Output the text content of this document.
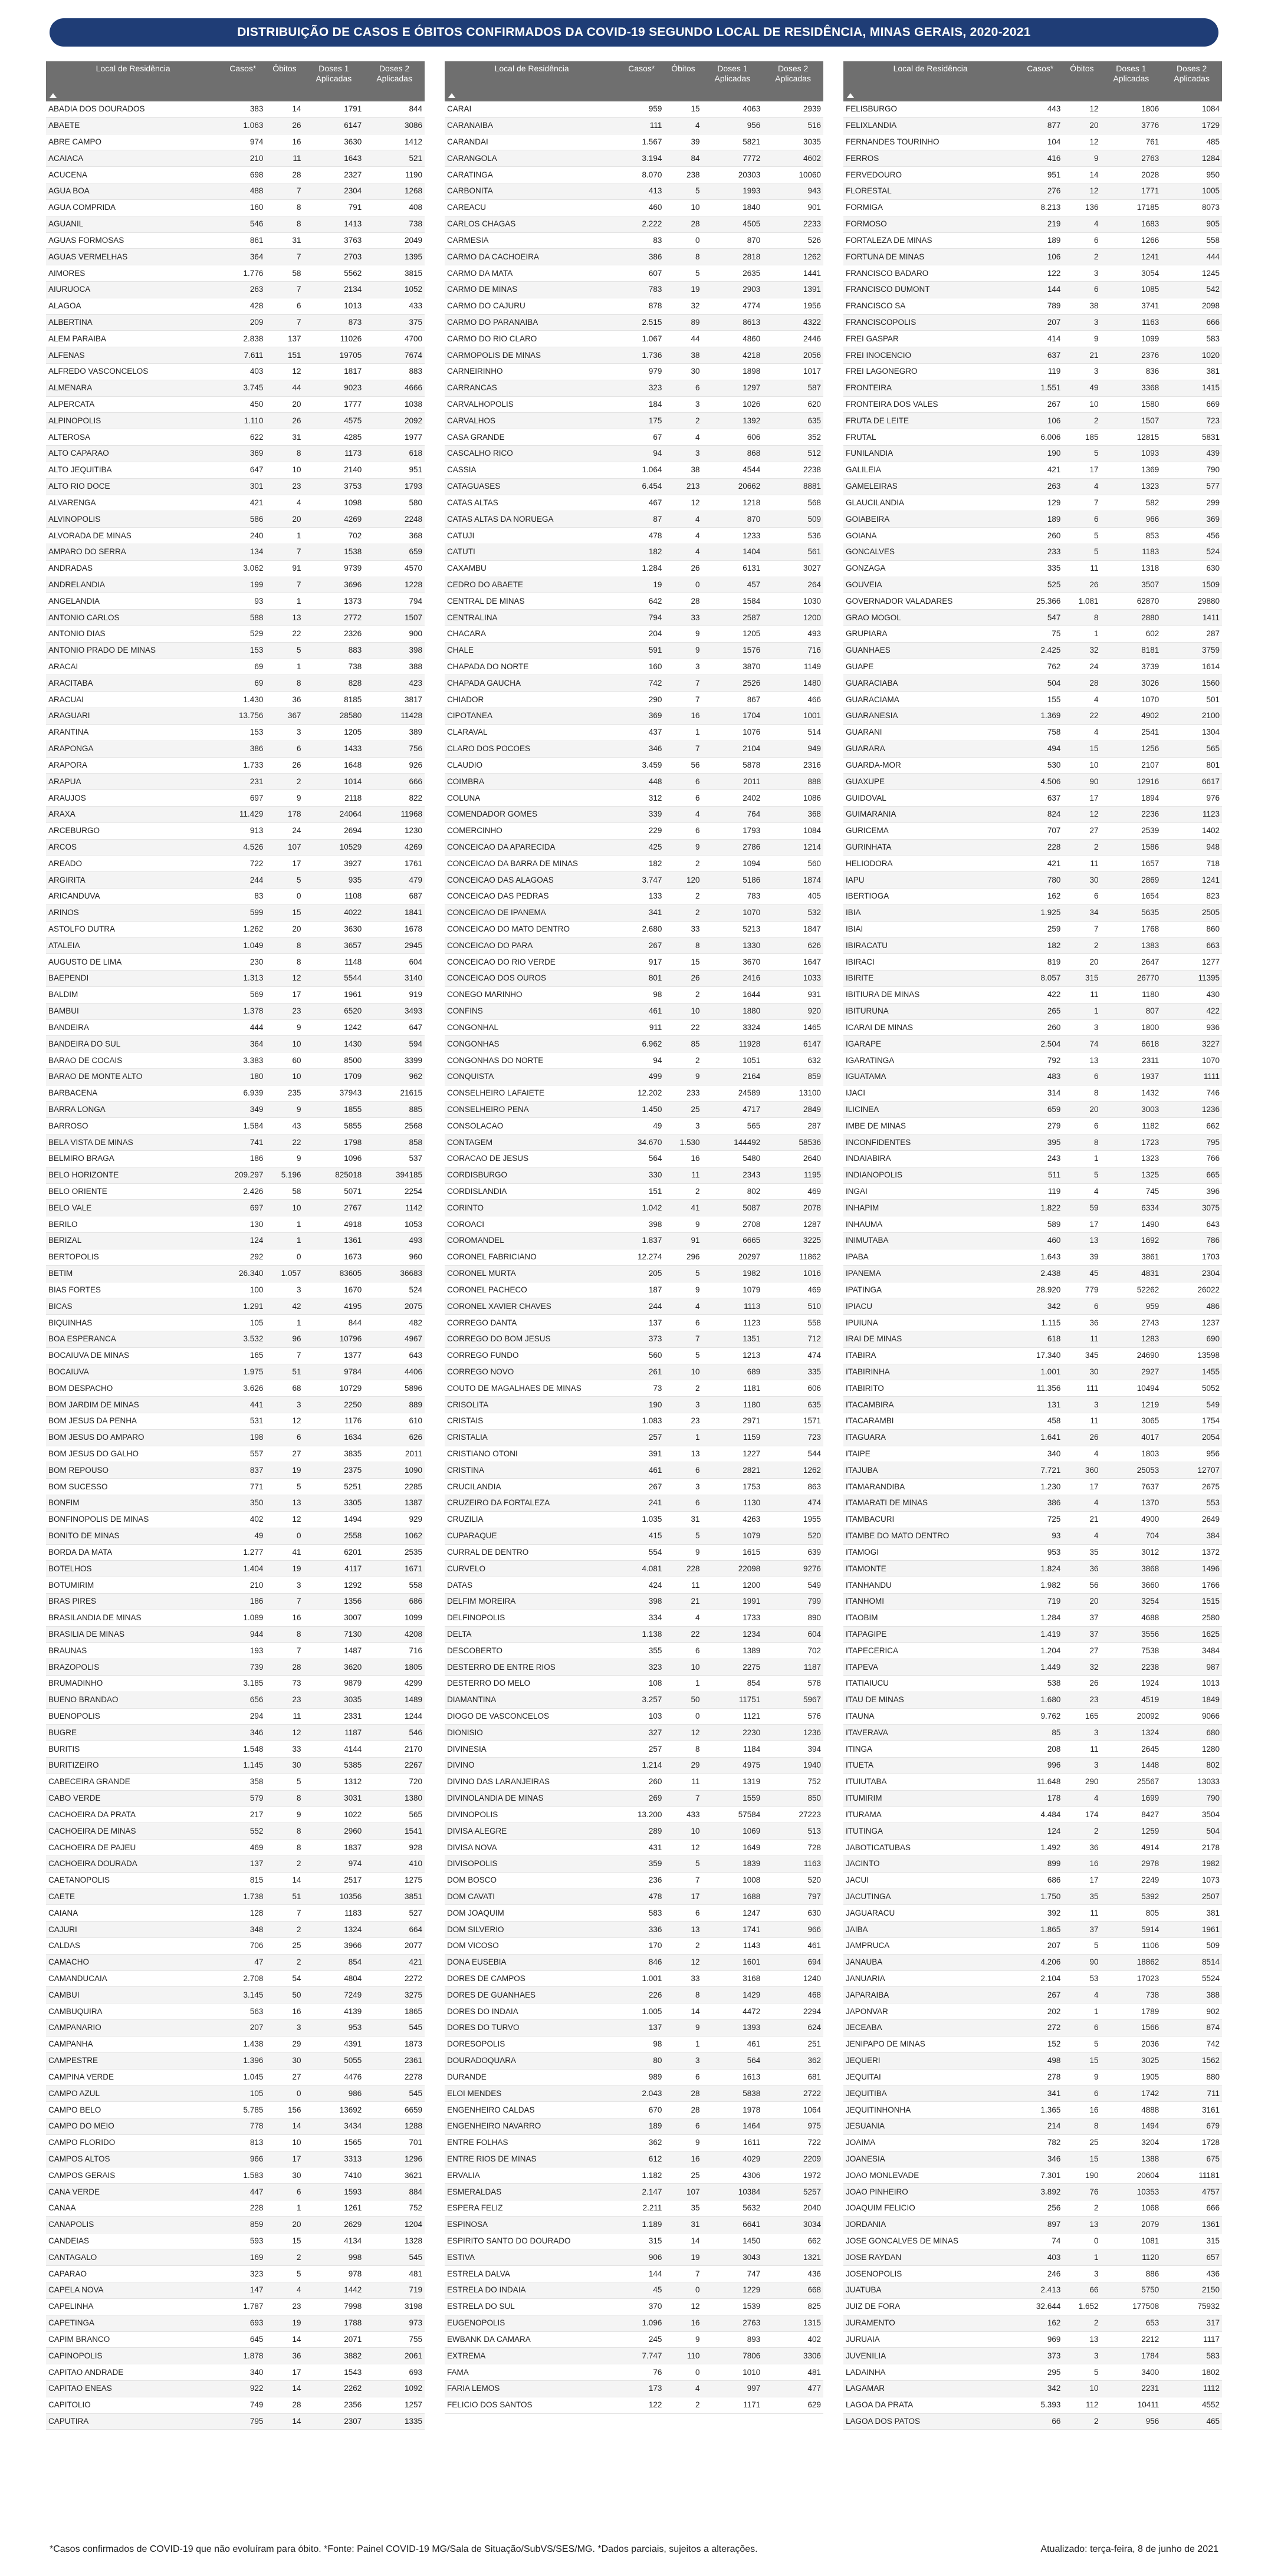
DISTRIBUIÇÃO DE CASOS E ÓBITOS CONFIRMADOS DA COVID-19 SEGUNDO LOCAL DE RESIDÊNCIA, MINAS GERAIS, 2020-2021
Local de Residência	Casos*	Óbitos	Doses 1 Aplicadas	Doses 2 Aplicadas
ABADIA DOS DOURADOS	383	14	1791	844
ABAETE	1.063	26	6147	3086
ABRE CAMPO	974	16	3630	1412
ACAIACA	210	11	1643	521
ACUCENA	698	28	2327	1190
AGUA BOA	488	7	2304	1268
AGUA COMPRIDA	160	8	791	408
AGUANIL	546	8	1413	738
AGUAS FORMOSAS	861	31	3763	2049
AGUAS VERMELHAS	364	7	2703	1395
AIMORES	1.776	58	5562	3815
AIURUOCA	263	7	2134	1052
ALAGOA	428	6	1013	433
ALBERTINA	209	7	873	375
ALEM PARAIBA	2.838	137	11026	4700
ALFENAS	7.611	151	19705	7674
ALFREDO VASCONCELOS	403	12	1817	883
ALMENARA	3.745	44	9023	4666
ALPERCATA	450	20	1777	1038
ALPINOPOLIS	1.110	26	4575	2092
ALTEROSA	622	31	4285	1977
ALTO CAPARAO	369	8	1173	618
ALTO JEQUITIBA	647	10	2140	951
ALTO RIO DOCE	301	23	3753	1793
ALVARENGA	421	4	1098	580
ALVINOPOLIS	586	20	4269	2248
ALVORADA DE MINAS	240	1	702	368
AMPARO DO SERRA	134	7	1538	659
ANDRADAS	3.062	91	9739	4570
ANDRELANDIA	199	7	3696	1228
ANGELANDIA	93	1	1373	794
ANTONIO CARLOS	588	13	2772	1507
ANTONIO DIAS	529	22	2326	900
ANTONIO PRADO DE MINAS	153	5	883	398
ARACAI	69	1	738	388
ARACITABA	69	8	828	423
ARACUAI	1.430	36	8185	3817
ARAGUARI	13.756	367	28580	11428
ARANTINA	153	3	1205	389
ARAPONGA	386	6	1433	756
ARAPORA	1.733	26	1648	926
ARAPUA	231	2	1014	666
ARAUJOS	697	9	2118	822
ARAXA	11.429	178	24064	11968
ARCEBURGO	913	24	2694	1230
ARCOS	4.526	107	10529	4269
AREADO	722	17	3927	1761
ARGIRITA	244	5	935	479
ARICANDUVA	83	0	1108	687
ARINOS	599	15	4022	1841
ASTOLFO DUTRA	1.262	20	3630	1678
ATALEIA	1.049	8	3657	2945
AUGUSTO DE LIMA	230	8	1148	604
BAEPENDI	1.313	12	5544	3140
BALDIM	569	17	1961	919
BAMBUI	1.378	23	6520	3493
BANDEIRA	444	9	1242	647
BANDEIRA DO SUL	364	10	1430	594
BARAO DE COCAIS	3.383	60	8500	3399
BARAO DE MONTE ALTO	180	10	1709	962
BARBACENA	6.939	235	37943	21615
BARRA LONGA	349	9	1855	885
BARROSO	1.584	43	5855	2568
BELA VISTA DE MINAS	741	22	1798	858
BELMIRO BRAGA	186	9	1096	537
BELO HORIZONTE	209.297	5.196	825018	394185
BELO ORIENTE	2.426	58	5071	2254
BELO VALE	697	10	2767	1142
BERILO	130	1	4918	1053
BERIZAL	124	1	1361	493
BERTOPOLIS	292	0	1673	960
BETIM	26.340	1.057	83605	36683
BIAS FORTES	100	3	1670	524
BICAS	1.291	42	4195	2075
BIQUINHAS	105	1	844	482
BOA ESPERANCA	3.532	96	10796	4967
BOCAIUVA DE MINAS	165	7	1377	643
BOCAIUVA	1.975	51	9784	4406
BOM DESPACHO	3.626	68	10729	5896
BOM JARDIM DE MINAS	441	3	2250	889
BOM JESUS DA PENHA	531	12	1176	610
BOM JESUS DO AMPARO	198	6	1634	626
BOM JESUS DO GALHO	557	27	3835	2011
BOM REPOUSO	837	19	2375	1090
BOM SUCESSO	771	5	5251	2285
BONFIM	350	13	3305	1387
BONFINOPOLIS DE MINAS	402	12	1494	929
BONITO DE MINAS	49	0	2558	1062
BORDA DA MATA	1.277	41	6201	2535
BOTELHOS	1.404	19	4117	1671
BOTUMIRIM	210	3	1292	558
BRAS PIRES	186	7	1356	686
BRASILANDIA DE MINAS	1.089	16	3007	1099
BRASILIA DE MINAS	944	8	7130	4208
BRAUNAS	193	7	1487	716
BRAZOPOLIS	739	28	3620	1805
BRUMADINHO	3.185	73	9879	4299
BUENO BRANDAO	656	23	3035	1489
BUENOPOLIS	294	11	2331	1244
BUGRE	346	12	1187	546
BURITIS	1.548	33	4144	2170
BURITIZEIRO	1.145	30	5385	2267
CABECEIRA GRANDE	358	5	1312	720
CABO VERDE	579	8	3031	1380
CACHOEIRA DA PRATA	217	9	1022	565
CACHOEIRA DE MINAS	552	8	2960	1541
CACHOEIRA DE PAJEU	469	8	1837	928
CACHOEIRA DOURADA	137	2	974	410
CAETANOPOLIS	815	14	2517	1275
CAETE	1.738	51	10356	3851
CAIANA	128	7	1183	527
CAJURI	348	2	1324	664
CALDAS	706	25	3966	2077
CAMACHO	47	2	854	421
CAMANDUCAIA	2.708	54	4804	2272
CAMBUI	3.145	50	7249	3275
CAMBUQUIRA	563	16	4139	1865
CAMPANARIO	207	3	953	545
CAMPANHA	1.438	29	4391	1873
CAMPESTRE	1.396	30	5055	2361
CAMPINA VERDE	1.045	27	4476	2278
CAMPO AZUL	105	0	986	545
CAMPO BELO	5.785	156	13692	6659
CAMPO DO MEIO	778	14	3434	1288
CAMPO FLORIDO	813	10	1565	701
CAMPOS ALTOS	966	17	3313	1296
CAMPOS GERAIS	1.583	30	7410	3621
CANA VERDE	447	6	1593	884
CANAA	228	1	1261	752
CANAPOLIS	859	20	2629	1204
CANDEIAS	593	15	4134	1328
CANTAGALO	169	2	998	545
CAPARAO	323	5	978	481
CAPELA NOVA	147	4	1442	719
CAPELINHA	1.787	23	7998	3198
CAPETINGA	693	19	1788	973
CAPIM BRANCO	645	14	2071	755
CAPINOPOLIS	1.878	36	3882	2061
CAPITAO ANDRADE	340	17	1543	693
CAPITAO ENEAS	922	14	2262	1092
CAPITOLIO	749	28	2356	1257
CAPUTIRA	795	14	2307	1335
Local de Residência	Casos*	Óbitos	Doses 1 Aplicadas	Doses 2 Aplicadas
CARAI	959	15	4063	2939
CARANAIBA	111	4	956	516
CARANDAI	1.567	39	5821	3035
CARANGOLA	3.194	84	7772	4602
CARATINGA	8.070	238	20303	10060
CARBONITA	413	5	1993	943
CAREACU	460	10	1840	901
CARLOS CHAGAS	2.222	28	4505	2233
CARMESIA	83	0	870	526
CARMO DA CACHOEIRA	386	8	2818	1262
CARMO DA MATA	607	5	2635	1441
CARMO DE MINAS	783	19	2903	1391
CARMO DO CAJURU	878	32	4774	1956
CARMO DO PARANAIBA	2.515	89	8613	4322
CARMO DO RIO CLARO	1.067	44	4860	2446
CARMOPOLIS DE MINAS	1.736	38	4218	2056
CARNEIRINHO	979	30	1898	1017
CARRANCAS	323	6	1297	587
CARVALHOPOLIS	184	3	1026	620
CARVALHOS	175	2	1392	635
CASA GRANDE	67	4	606	352
CASCALHO RICO	94	3	868	512
CASSIA	1.064	38	4544	2238
CATAGUASES	6.454	213	20662	8881
CATAS ALTAS	467	12	1218	568
CATAS ALTAS DA NORUEGA	87	4	870	509
CATUJI	478	4	1233	536
CATUTI	182	4	1404	561
CAXAMBU	1.284	26	6131	3027
CEDRO DO ABAETE	19	0	457	264
CENTRAL DE MINAS	642	28	1584	1030
CENTRALINA	794	33	2587	1200
CHACARA	204	9	1205	493
CHALE	591	9	1576	716
CHAPADA DO NORTE	160	3	3870	1149
CHAPADA GAUCHA	742	7	2526	1480
CHIADOR	290	7	867	466
CIPOTANEA	369	16	1704	1001
CLARAVAL	437	1	1076	514
CLARO DOS POCOES	346	7	2104	949
CLAUDIO	3.459	56	5878	2316
COIMBRA	448	6	2011	888
COLUNA	312	6	2402	1086
COMENDADOR GOMES	339	4	764	368
COMERCINHO	229	6	1793	1084
CONCEICAO DA APARECIDA	425	9	2786	1214
CONCEICAO DA BARRA DE MINAS	182	2	1094	560
CONCEICAO DAS ALAGOAS	3.747	120	5186	1874
CONCEICAO DAS PEDRAS	133	2	783	405
CONCEICAO DE IPANEMA	341	2	1070	532
CONCEICAO DO MATO DENTRO	2.680	33	5213	1847
CONCEICAO DO PARA	267	8	1330	626
CONCEICAO DO RIO VERDE	917	15	3670	1647
CONCEICAO DOS OUROS	801	26	2416	1033
CONEGO MARINHO	98	2	1644	931
CONFINS	461	10	1880	920
CONGONHAL	911	22	3324	1465
CONGONHAS	6.962	85	11928	6147
CONGONHAS DO NORTE	94	2	1051	632
CONQUISTA	499	9	2164	859
CONSELHEIRO LAFAIETE	12.202	233	24589	13100
CONSELHEIRO PENA	1.450	25	4717	2849
CONSOLACAO	49	3	565	287
CONTAGEM	34.670	1.530	144492	58536
CORACAO DE JESUS	564	16	5480	2640
CORDISBURGO	330	11	2343	1195
CORDISLANDIA	151	2	802	469
CORINTO	1.042	41	5087	2078
COROACI	398	9	2708	1287
COROMANDEL	1.837	91	6665	3225
CORONEL FABRICIANO	12.274	296	20297	11862
CORONEL MURTA	205	5	1982	1016
CORONEL PACHECO	187	9	1079	469
CORONEL XAVIER CHAVES	244	4	1113	510
CORREGO DANTA	137	6	1123	558
CORREGO DO BOM JESUS	373	7	1351	712
CORREGO FUNDO	560	5	1213	474
CORREGO NOVO	261	10	689	335
COUTO DE MAGALHAES DE MINAS	73	2	1181	606
CRISOLITA	190	3	1180	635
CRISTAIS	1.083	23	2971	1571
CRISTALIA	257	1	1159	723
CRISTIANO OTONI	391	13	1227	544
CRISTINA	461	6	2821	1262
CRUCILANDIA	267	3	1753	863
CRUZEIRO DA FORTALEZA	241	6	1130	474
CRUZILIA	1.035	31	4263	1955
CUPARAQUE	415	5	1079	520
CURRAL DE DENTRO	554	9	1615	639
CURVELO	4.081	228	22098	9276
DATAS	424	11	1200	549
DELFIM MOREIRA	398	21	1991	799
DELFINOPOLIS	334	4	1733	890
DELTA	1.138	22	1234	604
DESCOBERTO	355	6	1389	702
DESTERRO DE ENTRE RIOS	323	10	2275	1187
DESTERRO DO MELO	108	1	854	578
DIAMANTINA	3.257	50	11751	5967
DIOGO DE VASCONCELOS	103	0	1121	576
DIONISIO	327	12	2230	1236
DIVINESIA	257	8	1184	394
DIVINO	1.214	29	4975	1940
DIVINO DAS LARANJEIRAS	260	11	1319	752
DIVINOLANDIA DE MINAS	269	7	1559	850
DIVINOPOLIS	13.200	433	57584	27223
DIVISA ALEGRE	289	10	1069	513
DIVISA NOVA	431	12	1649	728
DIVISOPOLIS	359	5	1839	1163
DOM BOSCO	236	7	1008	520
DOM CAVATI	478	17	1688	797
DOM JOAQUIM	583	6	1247	630
DOM SILVERIO	336	13	1741	966
DOM VICOSO	170	2	1143	461
DONA EUSEBIA	846	12	1601	694
DORES DE CAMPOS	1.001	33	3168	1240
DORES DE GUANHAES	226	8	1429	468
DORES DO INDAIA	1.005	14	4472	2294
DORES DO TURVO	137	9	1393	624
DORESOPOLIS	98	1	461	251
DOURADOQUARA	80	3	564	362
DURANDE	989	6	1613	681
ELOI MENDES	2.043	28	5838	2722
ENGENHEIRO CALDAS	670	28	1978	1064
ENGENHEIRO NAVARRO	189	6	1464	975
ENTRE FOLHAS	362	9	1611	722
ENTRE RIOS DE MINAS	612	16	4029	2209
ERVALIA	1.182	25	4306	1972
ESMERALDAS	2.147	107	10384	5257
ESPERA FELIZ	2.211	35	5632	2040
ESPINOSA	1.189	31	6641	3034
ESPIRITO SANTO DO DOURADO	315	14	1450	662
ESTIVA	906	19	3043	1321
ESTRELA DALVA	144	7	747	436
ESTRELA DO INDAIA	45	0	1229	668
ESTRELA DO SUL	370	12	1539	825
EUGENOPOLIS	1.096	16	2763	1315
EWBANK DA CAMARA	245	9	893	402
EXTREMA	7.747	110	7806	3306
FAMA	76	0	1010	481
FARIA LEMOS	173	4	997	477
FELICIO DOS SANTOS	122	2	1171	629
Local de Residência	Casos*	Óbitos	Doses 1 Aplicadas	Doses 2 Aplicadas
FELISBURGO	443	12	1806	1084
FELIXLANDIA	877	20	3776	1729
FERNANDES TOURINHO	104	12	761	485
FERROS	416	9	2763	1284
FERVEDOURO	951	14	2028	950
FLORESTAL	276	12	1771	1005
FORMIGA	8.213	136	17185	8073
FORMOSO	219	4	1683	905
FORTALEZA DE MINAS	189	6	1266	558
FORTUNA DE MINAS	106	2	1241	444
FRANCISCO BADARO	122	3	3054	1245
FRANCISCO DUMONT	144	6	1085	542
FRANCISCO SA	789	38	3741	2098
FRANCISCOPOLIS	207	3	1163	666
FREI GASPAR	414	9	1099	583
FREI INOCENCIO	637	21	2376	1020
FREI LAGONEGRO	119	3	836	381
FRONTEIRA	1.551	49	3368	1415
FRONTEIRA DOS VALES	267	10	1580	669
FRUTA DE LEITE	106	2	1507	723
FRUTAL	6.006	185	12815	5831
FUNILANDIA	190	5	1093	439
GALILEIA	421	17	1369	790
GAMELEIRAS	263	4	1323	577
GLAUCILANDIA	129	7	582	299
GOIABEIRA	189	6	966	369
GOIANA	260	5	853	456
GONCALVES	233	5	1183	524
GONZAGA	335	11	1318	630
GOUVEIA	525	26	3507	1509
GOVERNADOR VALADARES	25.366	1.081	62870	29880
GRAO MOGOL	547	8	2880	1411
GRUPIARA	75	1	602	287
GUANHAES	2.425	32	8181	3759
GUAPE	762	24	3739	1614
GUARACIABA	504	28	3026	1560
GUARACIAMA	155	4	1070	501
GUARANESIA	1.369	22	4902	2100
GUARANI	758	4	2541	1304
GUARARA	494	15	1256	565
GUARDA-MOR	530	10	2107	801
GUAXUPE	4.506	90	12916	6617
GUIDOVAL	637	17	1894	976
GUIMARANIA	824	12	2236	1123
GURICEMA	707	27	2539	1402
GURINHATA	228	2	1586	948
HELIODORA	421	11	1657	718
IAPU	780	30	2869	1241
IBERTIOGA	162	6	1654	823
IBIA	1.925	34	5635	2505
IBIAI	259	7	1768	860
IBIRACATU	182	2	1383	663
IBIRACI	819	20	2647	1277
IBIRITE	8.057	315	26770	11395
IBITIURA DE MINAS	422	11	1180	430
IBITURUNA	265	1	807	422
ICARAI DE MINAS	260	3	1800	936
IGARAPE	2.504	74	6618	3227
IGARATINGA	792	13	2311	1070
IGUATAMA	483	6	1937	1111
IJACI	314	8	1432	746
ILICINEA	659	20	3003	1236
IMBE DE MINAS	279	6	1182	662
INCONFIDENTES	395	8	1723	795
INDAIABIRA	243	1	1323	766
INDIANOPOLIS	511	5	1325	665
INGAI	119	4	745	396
INHAPIM	1.822	59	6334	3075
INHAUMA	589	17	1490	643
INIMUTABA	460	13	1692	786
IPABA	1.643	39	3861	1703
IPANEMA	2.438	45	4831	2304
IPATINGA	28.920	779	52262	26022
IPIACU	342	6	959	486
IPUIUNA	1.115	36	2743	1237
IRAI DE MINAS	618	11	1283	690
ITABIRA	17.340	345	24690	13598
ITABIRINHA	1.001	30	2927	1455
ITABIRITO	11.356	111	10494	5052
ITACAMBIRA	131	3	1219	549
ITACARAMBI	458	11	3065	1754
ITAGUARA	1.641	26	4017	2054
ITAIPE	340	4	1803	956
ITAJUBA	7.721	360	25053	12707
ITAMARANDIBA	1.230	17	7637	2675
ITAMARATI DE MINAS	386	4	1370	553
ITAMBACURI	725	21	4900	2649
ITAMBE DO MATO DENTRO	93	4	704	384
ITAMOGI	953	35	3012	1372
ITAMONTE	1.824	36	3868	1496
ITANHANDU	1.982	56	3660	1766
ITANHOMI	719	20	3254	1515
ITAOBIM	1.284	37	4688	2580
ITAPAGIPE	1.419	37	3556	1625
ITAPECERICA	1.204	27	7538	3484
ITAPEVA	1.449	32	2238	987
ITATIAIUCU	538	26	1924	1013
ITAU DE MINAS	1.680	23	4519	1849
ITAUNA	9.762	165	20092	9066
ITAVERAVA	85	3	1324	680
ITINGA	208	11	2645	1280
ITUETA	996	3	1448	802
ITUIUTABA	11.648	290	25567	13033
ITUMIRIM	178	4	1699	790
ITURAMA	4.484	174	8427	3504
ITUTINGA	124	2	1259	504
JABOTICATUBAS	1.492	36	4914	2178
JACINTO	899	16	2978	1982
JACUI	686	17	2249	1073
JACUTINGA	1.750	35	5392	2507
JAGUARACU	392	11	805	381
JAIBA	1.865	37	5914	1961
JAMPRUCA	207	5	1106	509
JANAUBA	4.206	90	18862	8514
JANUARIA	2.104	53	17023	5524
JAPARAIBA	267	4	738	388
JAPONVAR	202	1	1789	902
JECEABA	272	6	1566	874
JENIPAPO DE MINAS	152	5	2036	742
JEQUERI	498	15	3025	1562
JEQUITAI	278	9	1905	880
JEQUITIBA	341	6	1742	711
JEQUITINHONHA	1.365	16	4888	3161
JESUANIA	214	8	1494	679
JOAIMA	782	25	3204	1728
JOANESIA	346	15	1388	675
JOAO MONLEVADE	7.301	190	20604	11181
JOAO PINHEIRO	3.892	76	10353	4757
JOAQUIM FELICIO	256	2	1068	666
JORDANIA	897	13	2079	1361
JOSE GONCALVES DE MINAS	74	0	1081	315
JOSE RAYDAN	403	1	1120	657
JOSENOPOLIS	246	3	886	436
JUATUBA	2.413	66	5750	2150
JUIZ DE FORA	32.644	1.652	177508	75932
JURAMENTO	162	2	653	317
JURUAIA	969	13	2212	1117
JUVENILIA	373	3	1784	583
LADAINHA	295	5	3400	1802
LAGAMAR	342	10	2231	1112
LAGOA DA PRATA	5.393	112	10411	4552
LAGOA DOS PATOS	66	2	956	465
*Casos confirmados de COVID-19 que não evoluíram para óbito. *Fonte: Painel COVID-19 MG/Sala de Situação/SubVS/SES/MG. *Dados parciais, sujeitos a alterações.	Atualizado: terça-feira, 8 de junho de 2021
